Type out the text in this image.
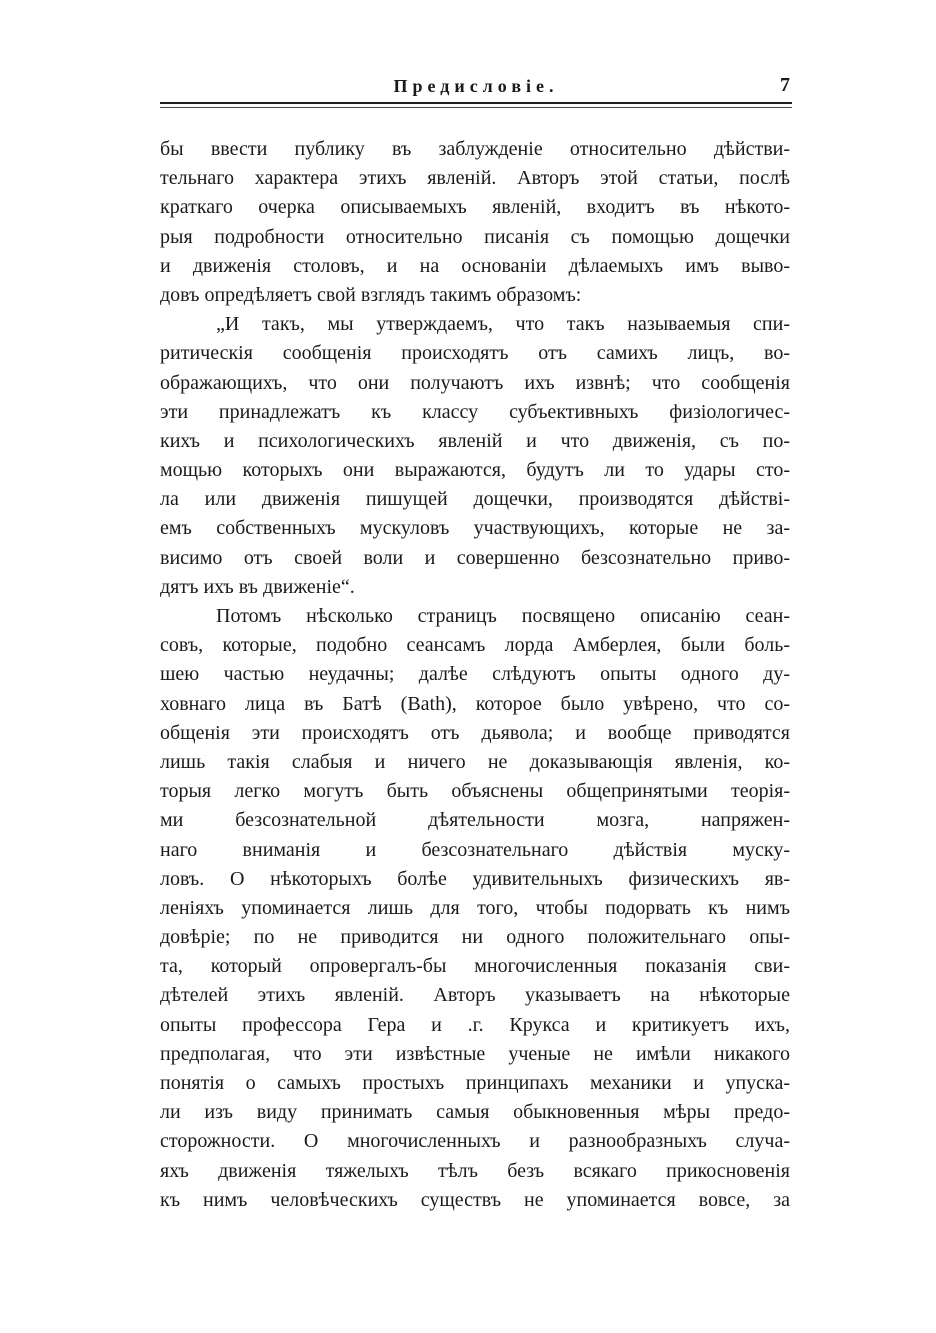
Предисловіе.	7
бы ввести публику въ заблужденіе относительно дѣйстви-
тельнаго характера этихъ явленій. Авторъ этой статьи, послѣ
краткаго очерка описываемыхъ явленій, входитъ въ нѣкото-
рыя подробности относительно писанія съ помощью дощечки
и движенія столовъ, и на основаніи дѣлаемыхъ имъ выво-
довъ опредѣляетъ свой взглядъ такимъ образомъ:
„И такъ, мы утверждаемъ, что такъ называемыя спи-
ритическія сообщенія происходятъ отъ самихъ лицъ, во-
ображающихъ, что они получаютъ ихъ извнѣ; что сообщенія
эти принадлежатъ къ классу субъективныхъ физіологичес-
кихъ и психологическихъ явленій и что движенія, съ по-
мощью которыхъ они выражаются, будутъ ли то удары сто-
ла или движенія пишущей дощечки, производятся дѣйстві-
емъ собственныхъ мускуловъ участвующихъ, которые не за-
висимо отъ своей воли и совершенно безсознательно приво-
дятъ ихъ въ движеніе“.
Потомъ нѣсколько страницъ посвящено описанію сеан-
совъ, которые, подобно сеансамъ лорда Амберлея, были боль-
шею частью неудачны; далѣе слѣдуютъ опыты одного ду-
ховнаго лица въ Батѣ (Bath), которое было увѣрено, что со-
общенія эти происходятъ отъ дьявола; и вообще приводятся
лишь такія слабыя и ничего не доказывающія явленія, ко-
торыя легко могутъ быть объяснены общепринятыми теорія-
ми безсознательной дѣятельности мозга, напряжен-
наго вниманія и безсознательнаго дѣйствія муску-
ловъ. О нѣкоторыхъ болѣе удивительныхъ физическихъ яв-
леніяхъ упоминается лишь для того, чтобы подорвать къ нимъ
довѣріе; по не приводится ни одного положительнаго опы-
та, который опровергалъ-бы многочисленныя показанія сви-
дѣтелей этихъ явленій. Авторъ указываетъ на нѣкоторые
опыты профессора Гера и .г. Крукса и критикуетъ ихъ,
предполагая, что эти извѣстные ученые не имѣли никакого
понятія о самыхъ простыхъ принципахъ механики и упуска-
ли изъ виду принимать самыя обыкновенныя мѣры предо-
сторожности. О многочисленныхъ и разнообразныхъ случа-
яхъ движенія тяжелыхъ тѣлъ безъ всякаго прикосновенія
къ нимъ человѣческихъ существъ не упоминается вовсе, за
